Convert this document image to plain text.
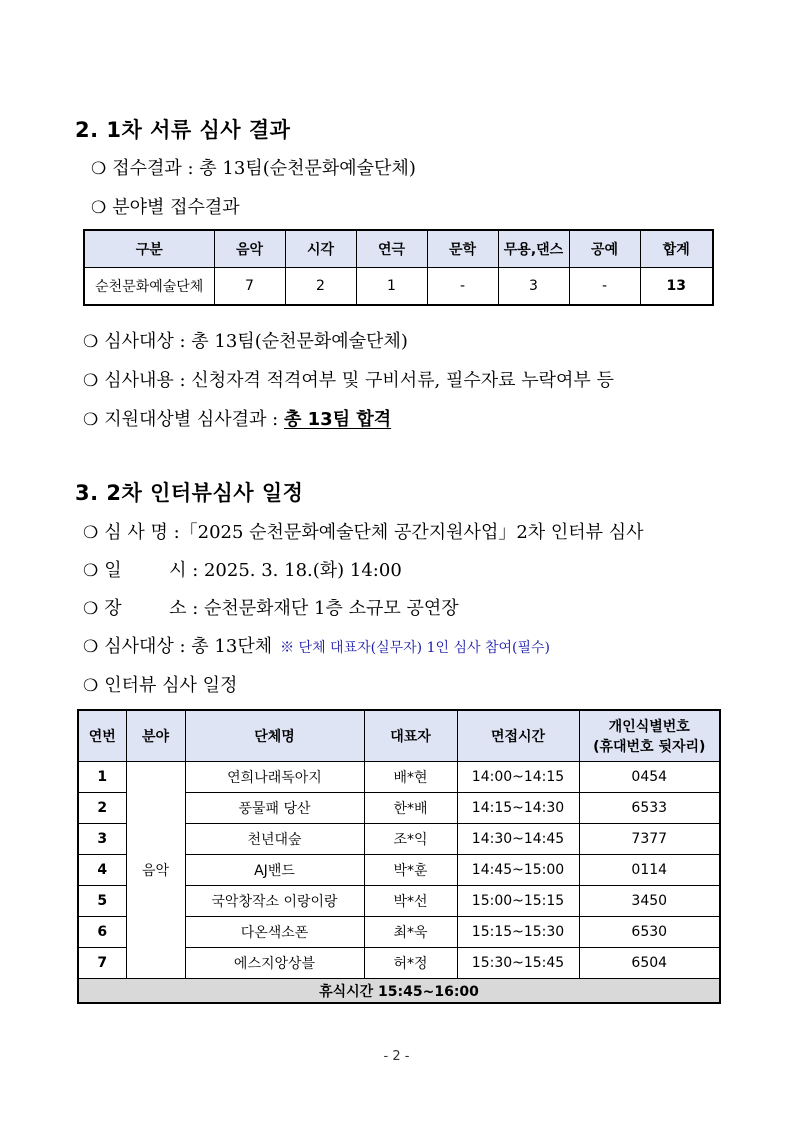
2. 1차 서류 심사 결과
❍ 접수결과 : 총 13팀(순천문화예술단체)
❍ 분야별 접수결과
구분	음악	시각	연극	문학	무용,댄스	공예	합계
순천문화예술단체	7	2	1	-	3	-	13
❍ 심사대상 : 총 13팀(순천문화예술단체)
❍ 심사내용 : 신청자격 적격여부 및 구비서류, 필수자료 누락여부 등
❍ 지원대상별 심사결과 : 총 13팀 합격
3. 2차 인터뷰심사 일정
❍ 심 사 명 :「2025 순천문화예술단체 공간지원사업」2차 인터뷰 심사
❍ 일 　 　시 : 2025. 3. 18.(화) 14:00
❍ 장 　 　소 : 순천문화재단 1층 소규모 공연장
❍ 심사대상 : 총 13단체 ※ 단체 대표자(실무자) 1인 심사 참여(필수)
❍ 인터뷰 심사 일정
연번	분야	단체명	대표자	면접시간	개인식별번호
(휴대번호 뒷자리)

1	음악	연희나래독아지	배*현	14:00~14:15	0454
2		풍물패 당산	한*배	14:15~14:30	6533
3		천년대숲	조*익	14:30~14:45	7377
4		AJ밴드	박*훈	14:45~15:00	0114
5		국악창작소 이랑이랑	박*선	15:00~15:15	3450
6		다온색소폰	최*욱	15:15~15:30	6530
7		에스지앙상블	허*정	15:30~15:45	6504
휴식시간 15:45~16:00					
- 2 -
